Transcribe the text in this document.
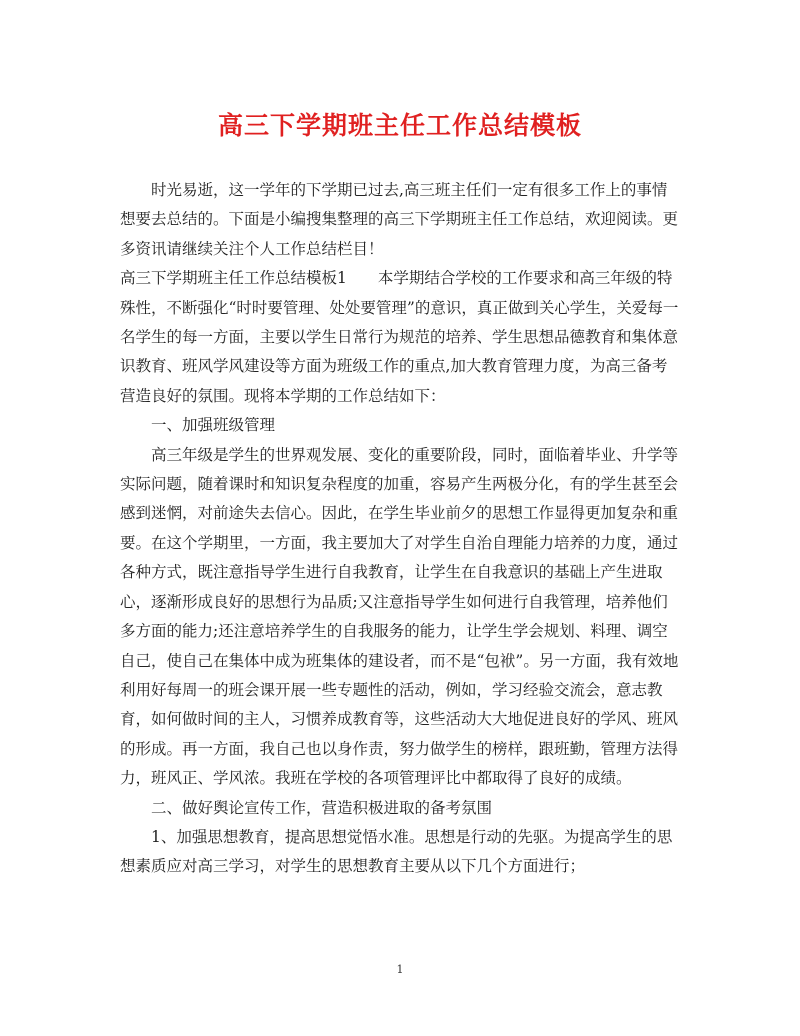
高三下学期班主任工作总结模板

时光易逝，这一学年的下学期已过去,高三班主任们一定有很多工作上的事情想要去总结的。下面是小编搜集整理的高三下学期班主任工作总结，欢迎阅读。更多资讯请继续关注个人工作总结栏目！

高三下学期班主任工作总结模板1　　本学期结合学校的工作要求和高三年级的特殊性，不断强化“时时要管理、处处要管理”的意识，真正做到关心学生，关爱每一名学生的每一方面，主要以学生日常行为规范的培养、学生思想品德教育和集体意识教育、班风学风建设等方面为班级工作的重点,加大教育管理力度，为高三备考营造良好的氛围。现将本学期的工作总结如下：

一、加强班级管理

高三年级是学生的世界观发展、变化的重要阶段，同时，面临着毕业、升学等实际问题，随着课时和知识复杂程度的加重，容易产生两极分化，有的学生甚至会感到迷惘，对前途失去信心。因此，在学生毕业前夕的思想工作显得更加复杂和重要。在这个学期里，一方面，我主要加大了对学生自治自理能力培养的力度，通过各种方式，既注意指导学生进行自我教育，让学生在自我意识的基础上产生进取心，逐渐形成良好的思想行为品质;又注意指导学生如何进行自我管理，培养他们多方面的能力;还注意培养学生的自我服务的能力，让学生学会规划、料理、调空自己，使自己在集体中成为班集体的建设者，而不是“包袱”。另一方面，我有效地利用好每周一的班会课开展一些专题性的活动，例如，学习经验交流会，意志教育，如何做时间的主人，习惯养成教育等，这些活动大大地促进良好的学风、班风的形成。再一方面，我自己也以身作责，努力做学生的榜样，跟班勤，管理方法得力，班风正、学风浓。我班在学校的各项管理评比中都取得了良好的成绩。

二、做好舆论宣传工作，营造积极进取的备考氛围

1、加强思想教育，提高思想觉悟水准。思想是行动的先驱。为提高学生的思想素质应对高三学习，对学生的思想教育主要从以下几个方面进行；

1
